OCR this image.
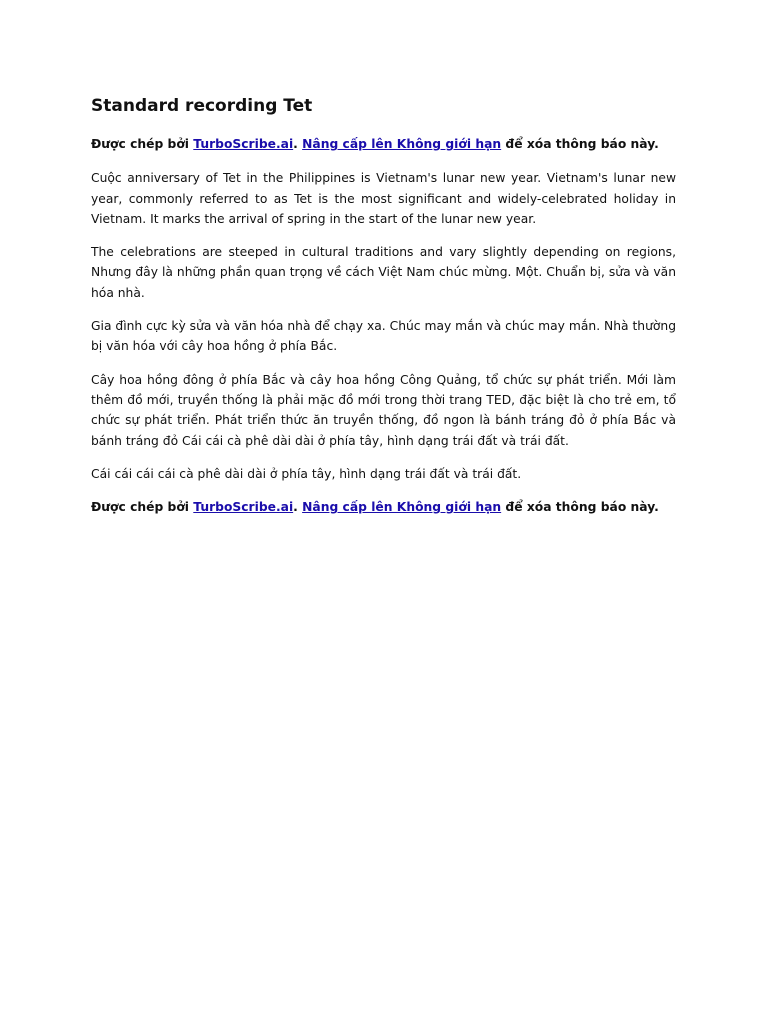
Standard recording Tet

Được chép bởi TurboScribe.ai. Nâng cấp lên Không giới hạn để xóa thông báo này.

Cuộc anniversary of Tet in the Philippines is Vietnam's lunar new year. Vietnam's lunar new year, commonly referred to as Tet is the most significant and widely-celebrated holiday in Vietnam. It marks the arrival of spring in the start of the lunar new year.

The celebrations are steeped in cultural traditions and vary slightly depending on regions, Nhưng đây là những phần quan trọng về cách Việt Nam chúc mừng. Một. Chuẩn bị, sửa và văn hóa nhà.

Gia đình cực kỳ sửa và văn hóa nhà để chạy xa. Chúc may mắn và chúc may mắn. Nhà thường bị văn hóa với cây hoa hồng ở phía Bắc.

Cây hoa hồng đông ở phía Bắc và cây hoa hồng Công Quảng, tổ chức sự phát triển. Mới làm thêm đồ mới, truyền thống là phải mặc đồ mới trong thời trang TED, đặc biệt là cho trẻ em, tổ chức sự phát triển. Phát triển thức ăn truyền thống, đồ ngon là bánh tráng đỏ ở phía Bắc và bánh tráng đỏ Cái cái cà phê dài dài ở phía tây, hình dạng trái đất và trái đất.

Cái cái cái cái cà phê dài dài ở phía tây, hình dạng trái đất và trái đất.

Được chép bởi TurboScribe.ai. Nâng cấp lên Không giới hạn để xóa thông báo này.
